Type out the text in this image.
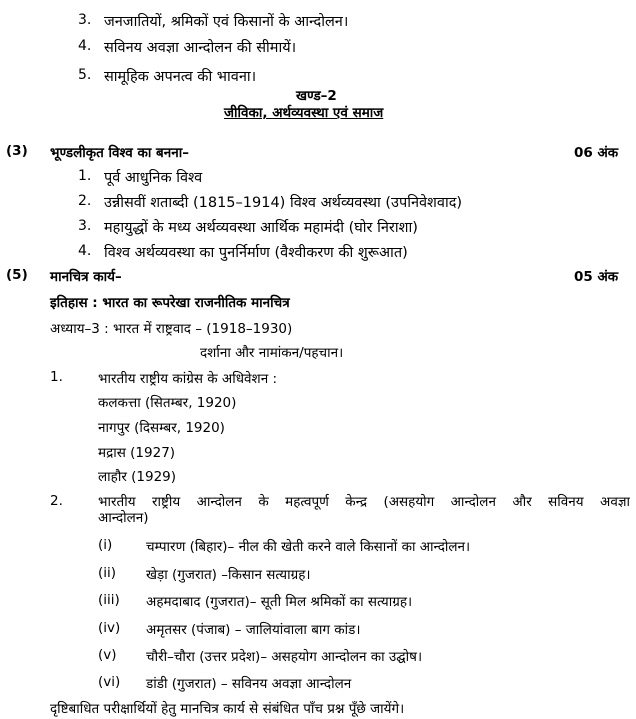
3. जनजातियों, श्रमिकों एवं किसानों के आन्दोलन।
4. सविनय अवज्ञा आन्दोलन की सीमायें।
5. सामूहिक अपनत्व की भावना।
खण्ड–2
जीविका, अर्थव्यवस्था एवं समाज
(3) भूण्डलीकृत विश्व का बनना–	06 अंक
1. पूर्व आधुनिक विश्व
2. उन्नीसवीं शताब्दी (1815–1914) विश्व अर्थव्यवस्था (उपनिवेशवाद)
3. महायुद्धों के मध्य अर्थव्यवस्था आर्थिक महामंदी (घोर निराशा)
4. विश्व अर्थव्यवस्था का पुनर्निर्माण (वैश्वीकरण की शुरूआत)
(5) मानचित्र कार्य–	05 अंक
इतिहास : भारत का रूपरेखा राजनीतिक मानचित्र
अध्याय–3 : भारत में राष्ट्रवाद – (1918–1930)
दर्शाना और नामांकन/पहचान।
1.	भारतीय राष्ट्रीय कांग्रेस के अधिवेशन :
कलकत्ता (सितम्बर, 1920)
नागपुर (दिसम्बर, 1920)
मद्रास (1927)
लाहौर (1929)
2.	भारतीय राष्ट्रीय आन्दोलन के महत्वपूर्ण केन्द्र (असहयोग आन्दोलन और सविनय अवज्ञा
आन्दोलन)
(i) चम्पारण (बिहार)– नील की खेती करने वाले किसानों का आन्दोलन।
(ii) खेड़ा (गुजरात) –किसान सत्याग्रह।
(iii) अहमदाबाद (गुजरात)– सूती मिल श्रमिकों का सत्याग्रह।
(iv) अमृतसर (पंजाब) – जालियांवाला बाग कांड।
(v) चौरी–चौरा (उत्तर प्रदेश)– असहयोग आन्दोलन का उद्घोष।
(vi) डांडी (गुजरात) – सविनय अवज्ञा आन्दोलन
दृष्टिबाधित परीक्षार्थियों हेतु मानचित्र कार्य से संबंधित पाँच प्रश्न पूँछे जायेंगे।
